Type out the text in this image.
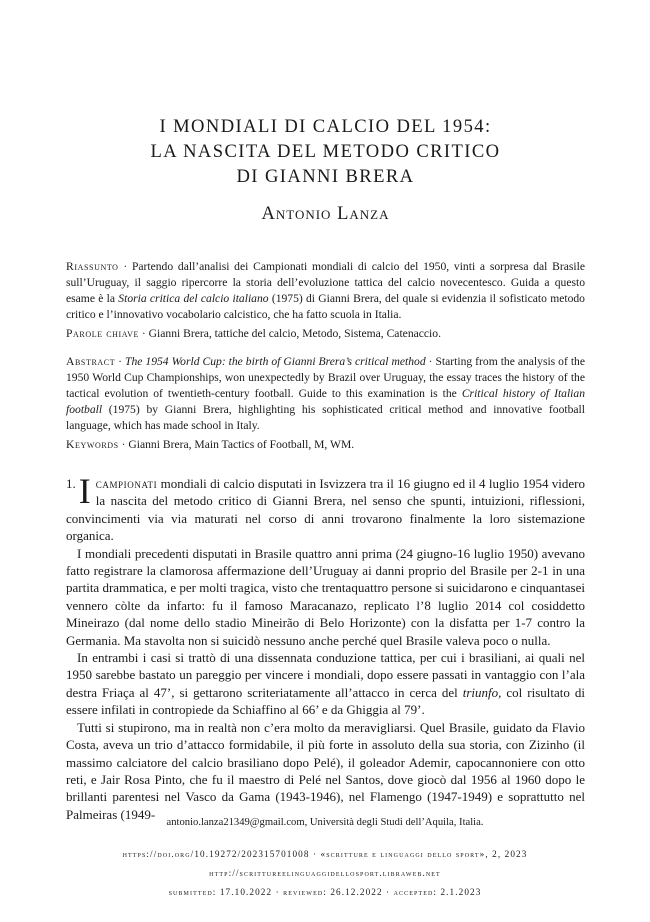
I MONDIALI DI CALCIO DEL 1954:
LA NASCITA DEL METODO CRITICO
DI GIANNI BRERA
Antonio Lanza

Riassunto · Partendo dall’analisi dei Campionati mondiali di calcio del 1950, vinti a sorpresa dal Brasile sull’Uruguay, il saggio ripercorre la storia dell’evoluzione tattica del calcio novecentesco. Guida a questo esame è la Storia critica del calcio italiano (1975) di Gianni Brera, del quale si evidenzia il sofisticato metodo critico e l’innovativo vocabolario calcistico, che ha fatto scuola in Italia.

Parole chiave · Gianni Brera, tattiche del calcio, Metodo, Sistema, Catenaccio.

Abstract · The 1954 World Cup: the birth of Gianni Brera’s critical method · Starting from the analysis of the 1950 World Cup Championships, won unexpectedly by Brazil over Uruguay, the essay traces the history of the tactical evolution of twentieth-century football. Guide to this examination is the Critical history of Italian football (1975) by Gianni Brera, highlighting his sophisticated critical method and innovative football language, which has made school in Italy.

Keywords · Gianni Brera, Main Tactics of Football, M, WM.

1. I campionati mondiali di calcio disputati in Isvizzera tra il 16 giugno ed il 4 luglio 1954 videro la nascita del metodo critico di Gianni Brera, nel senso che spunti, intuizioni, riflessioni, convincimenti via via maturati nel corso di anni trovarono finalmente la loro sistemazione organica.

I mondiali precedenti disputati in Brasile quattro anni prima (24 giugno-16 luglio 1950) avevano fatto registrare la clamorosa affermazione dell’Uruguay ai danni proprio del Brasile per 2-1 in una partita drammatica, e per molti tragica, visto che trentaquattro persone si suicidarono e cinquantasei vennero còlte da infarto: fu il famoso Maracanazo, replicato l’8 luglio 2014 col cosiddetto Mineirazo (dal nome dello stadio Mineirão di Belo Horizonte) con la disfatta per 1-7 contro la Germania. Ma stavolta non si suicidò nessuno anche perché quel Brasile valeva poco o nulla.

In entrambi i casi si trattò di una dissennata conduzione tattica, per cui i brasiliani, ai quali nel 1950 sarebbe bastato un pareggio per vincere i mondiali, dopo essere passati in vantaggio con l’ala destra Friaça al 47’, si gettarono scriteriatamente all’attacco in cerca del triunfo, col risultato di essere infilati in contropiede da Schiaffino al 66’ e da Ghiggia al 79’.

Tutti si stupirono, ma in realtà non c’era molto da meravigliarsi. Quel Brasile, guidato da Flavio Costa, aveva un trio d’attacco formidabile, il più forte in assoluto della sua storia, con Zizinho (il massimo calciatore del calcio brasiliano dopo Pelé), il goleador Ademir, capocannoniere con otto reti, e Jair Rosa Pinto, che fu il maestro di Pelé nel Santos, dove giocò dal 1956 al 1960 dopo le brillanti parentesi nel Vasco da Gama (1943-1946), nel Flamengo (1947-1949) e soprattutto nel Palmeiras (1949-

antonio.lanza21349@gmail.com, Università degli Studi dell’Aquila, Italia.
https://doi.org/10.19272/202315701008 · «scritture e linguaggi dello sport», 2, 2023
http://scrittureelinguaggidellosport.libraweb.net
submitted: 17.10.2022 · reviewed: 26.12.2022 · accepted: 2.1.2023
